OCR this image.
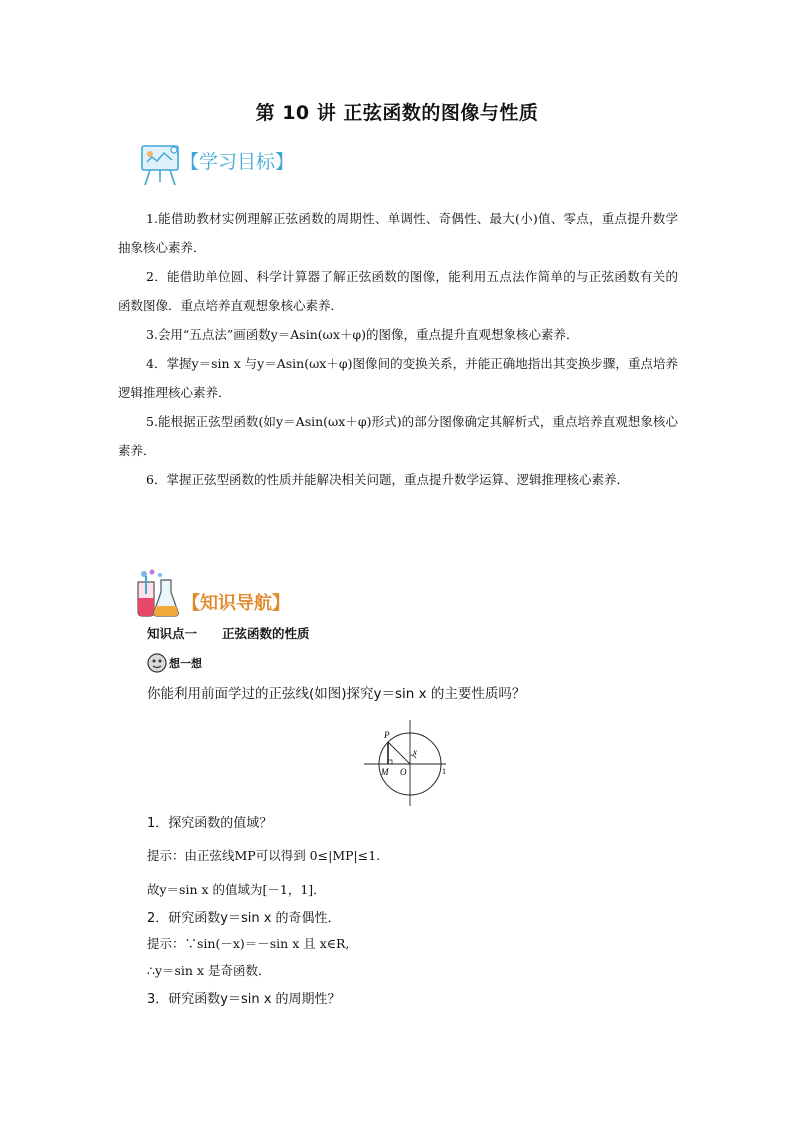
第 10 讲 正弦函数的图像与性质
【学习目标】
1.能借助教材实例理解正弦函数的周期性、单调性、奇偶性、最大(小)值、零点，重点提升数学抽象核心素养．
2．能借助单位圆、科学计算器了解正弦函数的图像，能利用五点法作简单的与正弦函数有关的函数图像．重点培养直观想象核心素养．
3.会用“五点法”画函数y＝Asin(ωx＋φ)的图像，重点提升直观想象核心素养．
4．掌握y＝sin x 与y＝Asin(ωx＋φ)图像间的变换关系，并能正确地指出其变换步骤，重点培养逻辑推理核心素养．
5.能根据正弦型函数(如y＝Asin(ωx＋φ)形式)的部分图像确定其解析式，重点培养直观想象核心素养．
6．掌握正弦型函数的性质并能解决相关问题，重点提升数学运算、逻辑推理核心素养．
【知识导航】
知识点一　　正弦函数的性质
想一想
你能利用前面学过的正弦线(如图)探究y＝sin x 的主要性质吗？
P
M O
x
1
1．探究函数的值域？
提示：由正弦线MP可以得到 0≤|MP|≤1.
故y＝sin x 的值域为[－1，1]．
2．研究函数y＝sin x 的奇偶性．
提示：∵sin(－x)＝－sin x 且 x∈R,
∴y＝sin x 是奇函数．
3．研究函数y＝sin x 的周期性？
